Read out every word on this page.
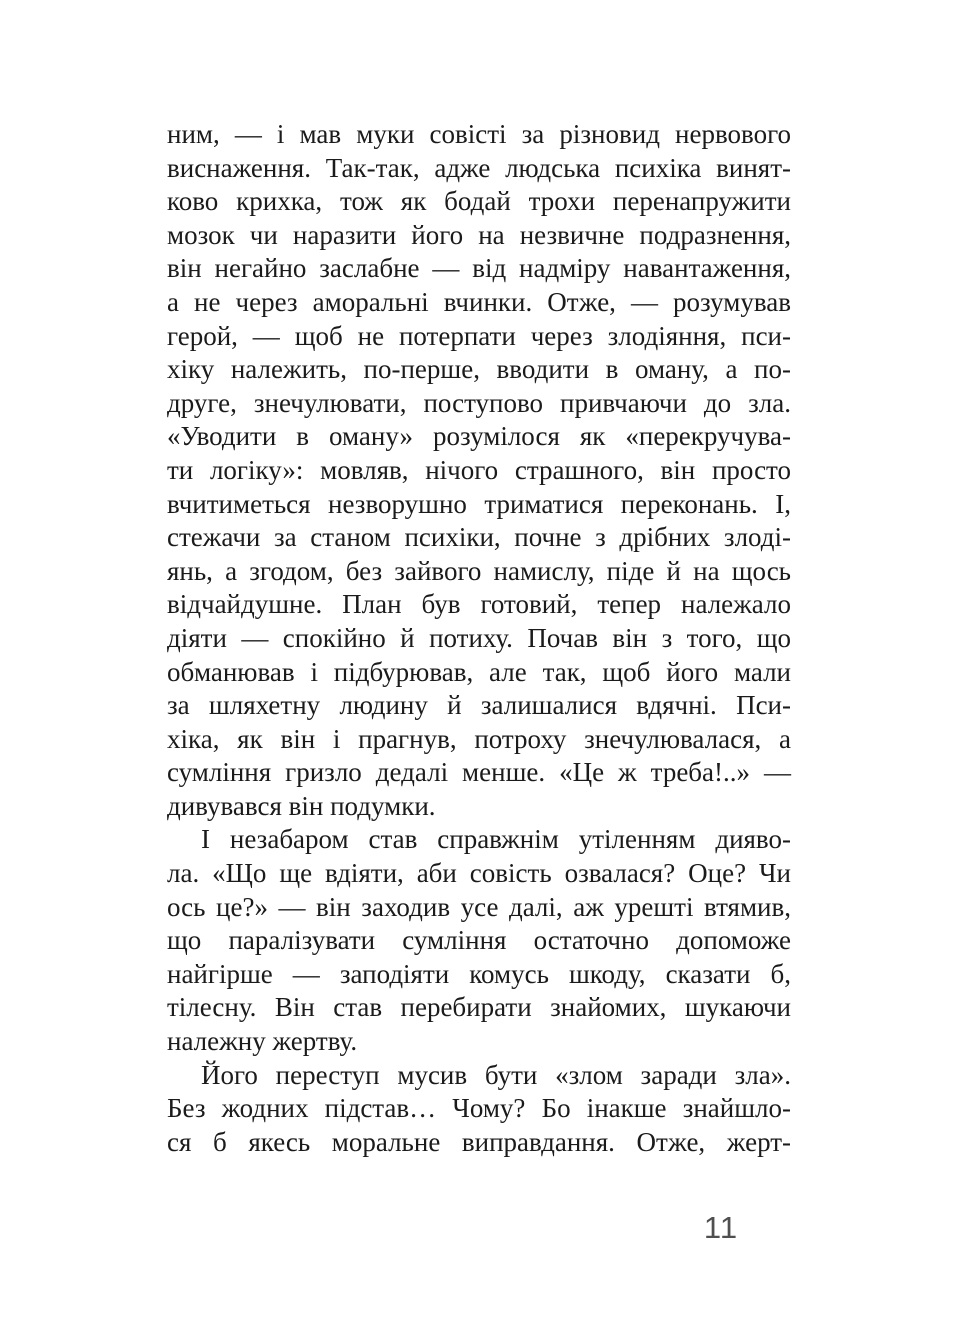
ним, — і мав муки совісті за різновид нервового
виснаження. Так-так, адже людська психіка винят-
ково крихка, тож як бодай трохи перенапружити
мозок чи наразити його на незвичне подразнення,
він негайно заслабне — від надміру навантаження,
а не через аморальні вчинки. Отже, — розумував
герой, — щоб не потерпати через злодіяння, пси-
хіку належить, по-перше, вводити в оману, а по-
друге, знечулювати, поступово привчаючи до зла.
«Уводити в оману» розумілося як «перекручува-
ти логіку»: мовляв, нічого страшного, він просто
вчитиметься незворушно триматися переконань. І,
стежачи за станом психіки, почне з дрібних злоді-
янь, а згодом, без зайвого намислу, піде й на щось
відчайдушне. План був готовий, тепер належало
діяти — спокійно й потиху. Почав він з того, що
обманював і підбурював, але так, щоб його мали
за шляхетну людину й залишалися вдячні. Пси-
хіка, як він і прагнув, потроху знечулювалася, а
сумління гризло дедалі менше. «Це ж треба!..» —
дивувався він подумки.
І незабаром став справжнім утіленням дияво-
ла. «Що ще вдіяти, аби совість озвалася? Оце? Чи
ось це?» — він заходив усе далі, аж урешті втямив,
що паралізувати сумління остаточно допоможе
найгірше — заподіяти комусь шкоду, сказати б,
тілесну. Він став перебирати знайомих, шукаючи
належну жертву.
Його переступ мусив бути «злом заради зла».
Без жодних підстав… Чому? Бо інакше знайшло-
ся б якесь моральне виправдання. Отже, жерт-
11
